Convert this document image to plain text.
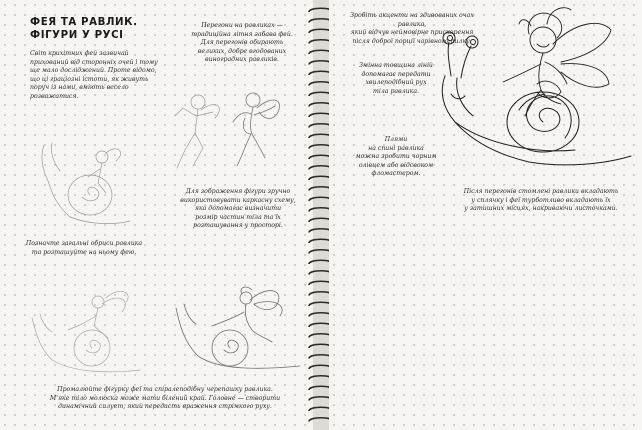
ФЕЯ ТА РАВЛИК.
ФІГУРИ У РУСІ
Світ крихітних фей зазвичай
прихований від сторонніх очей і тому
ще мало досліджений. Проте відомо,
що ці граціозні істоти, як живуть
поруч із нами, вміють весело
розважатися.
Перегони на равликах —
традиційна літня забава фей.
Для перегонів обирають
великих, добре вгодованих
виноградних равликів.
Позначте загальні обриси равлика
та розташуйте на ньому фею.
Для зображення фігури зручно
використовувати каркасну схему,
яка допомагає визначити
розмір частин тіла та їх
розташування у просторі.
Промалюйте фігурку феї та спіралеподібну черепашку равлика.
М'яке тіло молюска може мати білений край. Головне — створити
динамічний силует, який передасть враження стрімкого руху.
Зробіть акценти на здивованих очах равлика,
який відчув неймовірне прискорення
після доброї порції чарівного пилку.
Змінна товщина ліній
допомагає передати
хвилеподібний рух
тіла равлика.
Плями
на спині равлика
можна зробити чорним
олівцем або відсвоком
фломастером.
Після перегонів стомлені равлики вкладають
у сплячку і феї турботливо вкладають їх
у затишних місцях, накриваючи листочками.
